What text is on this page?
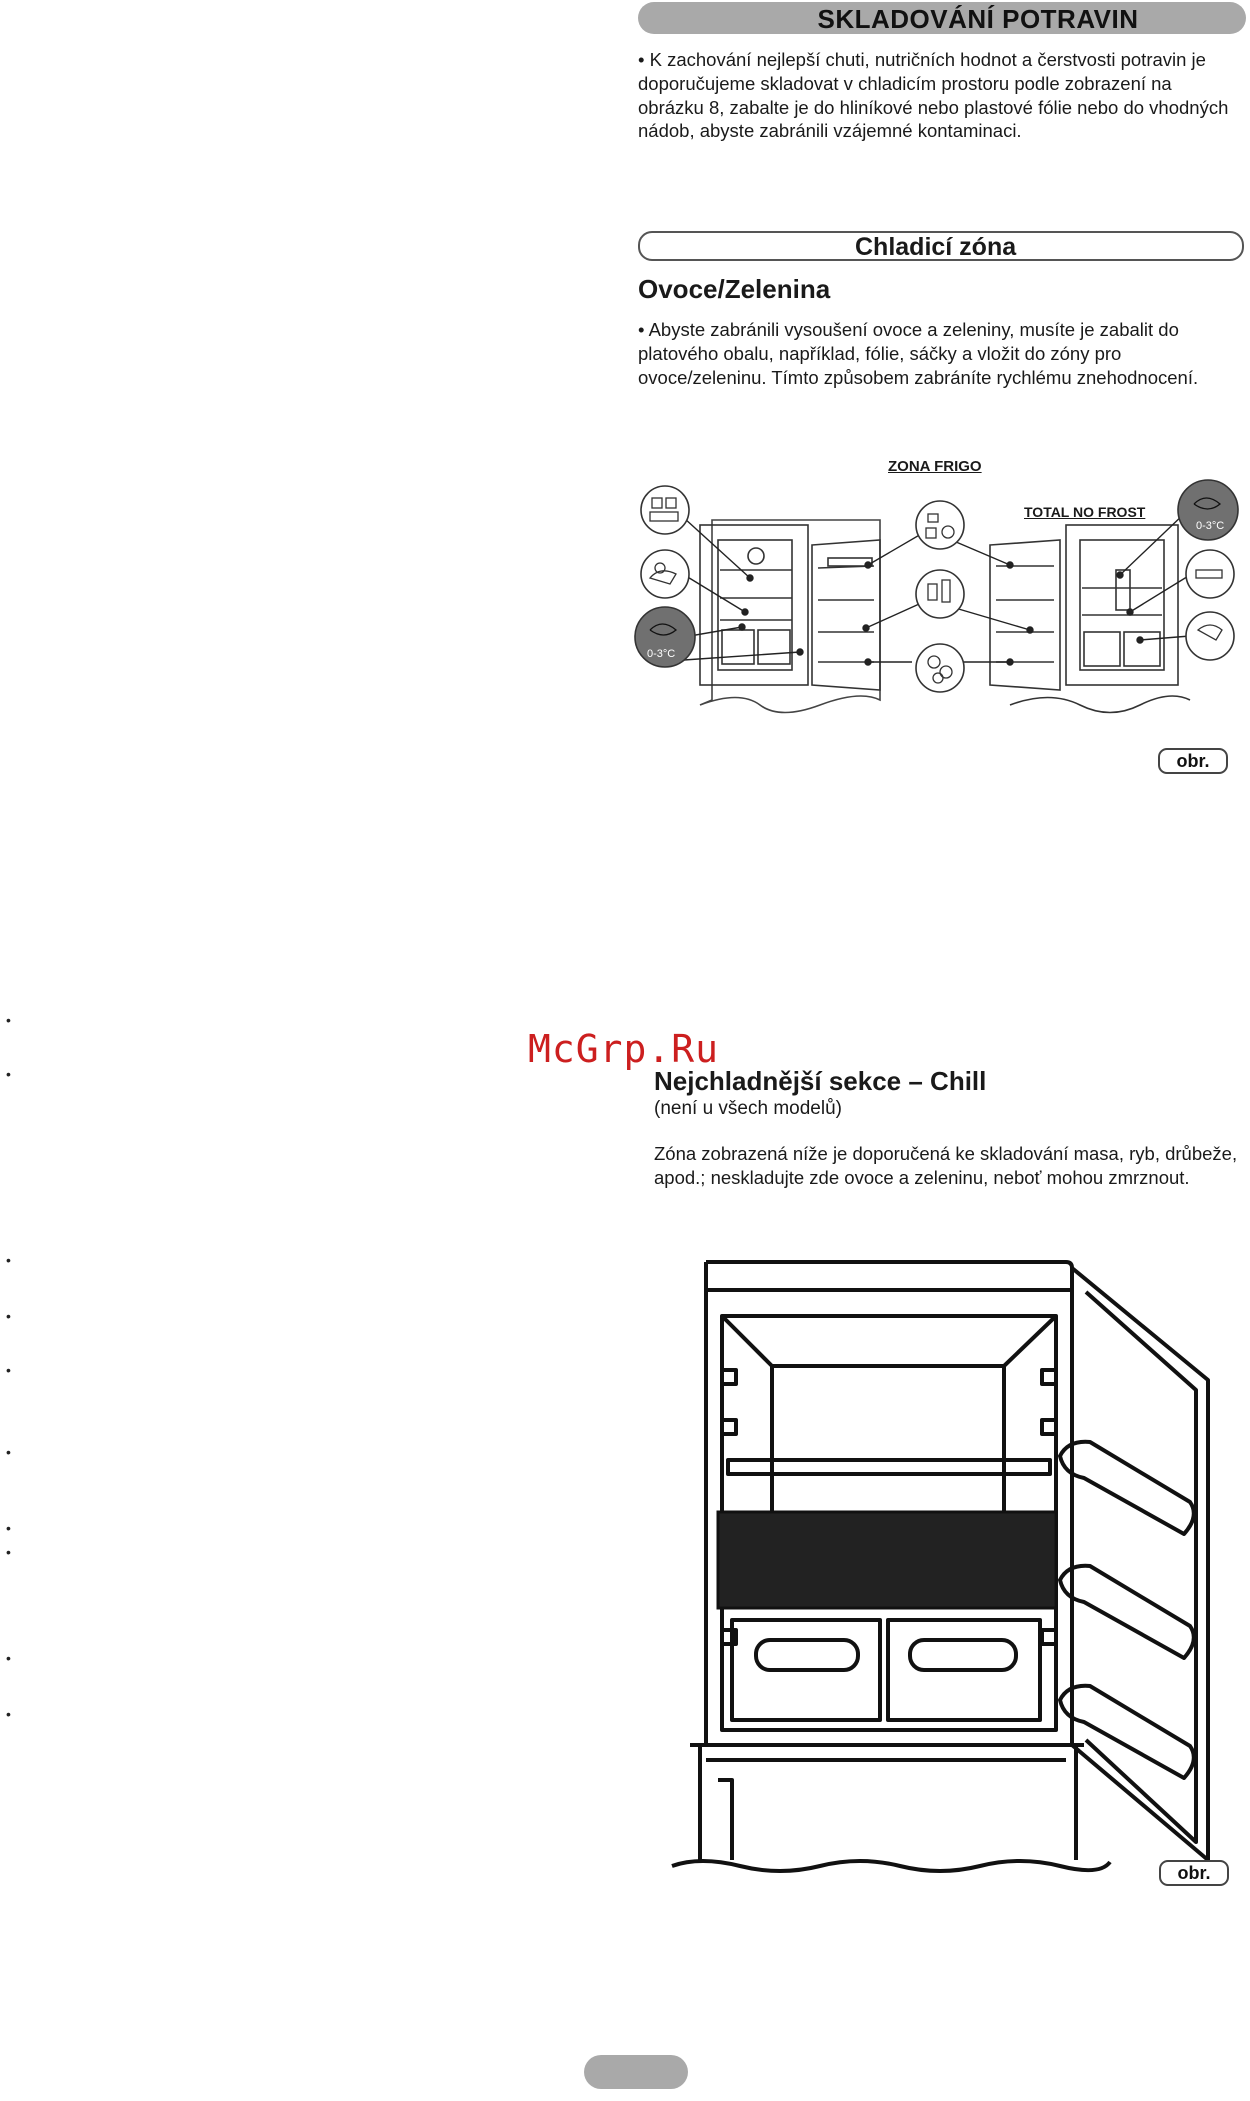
SKLADOVÁNÍ POTRAVIN
• K zachování nejlepší chuti, nutričních hodnot a čerstvosti potravin je doporučujeme skladovat v chladicím prostoru podle zobrazení na obrázku 8, zabalte je do hliníkové nebo plastové fólie nebo do vhodných nádob, abyste zabránili vzájemné kontaminaci.
Chladicí zóna
Ovoce/Zelenina
• Abyste zabránili vysoušení ovoce a zeleniny, musíte je zabalit do platového obalu, například, fólie, sáčky a vložit do zóny pro ovoce/zeleninu. Tímto způsobem zabráníte rychlému znehodnocení.
ZONA FRIGO
TOTAL NO FROST
0-3°C
0-3°C
obr.
McGrp.Ru
Nejchladnější sekce – Chill
(není u všech modelů)
Zóna zobrazená níže je doporučená ke skladování masa, ryb, drůbeže, apod.; neskladujte zde ovoce a zeleninu, neboť mohou zmrznout.
obr.
•
•
•
•
•
•
•
•
•
•
